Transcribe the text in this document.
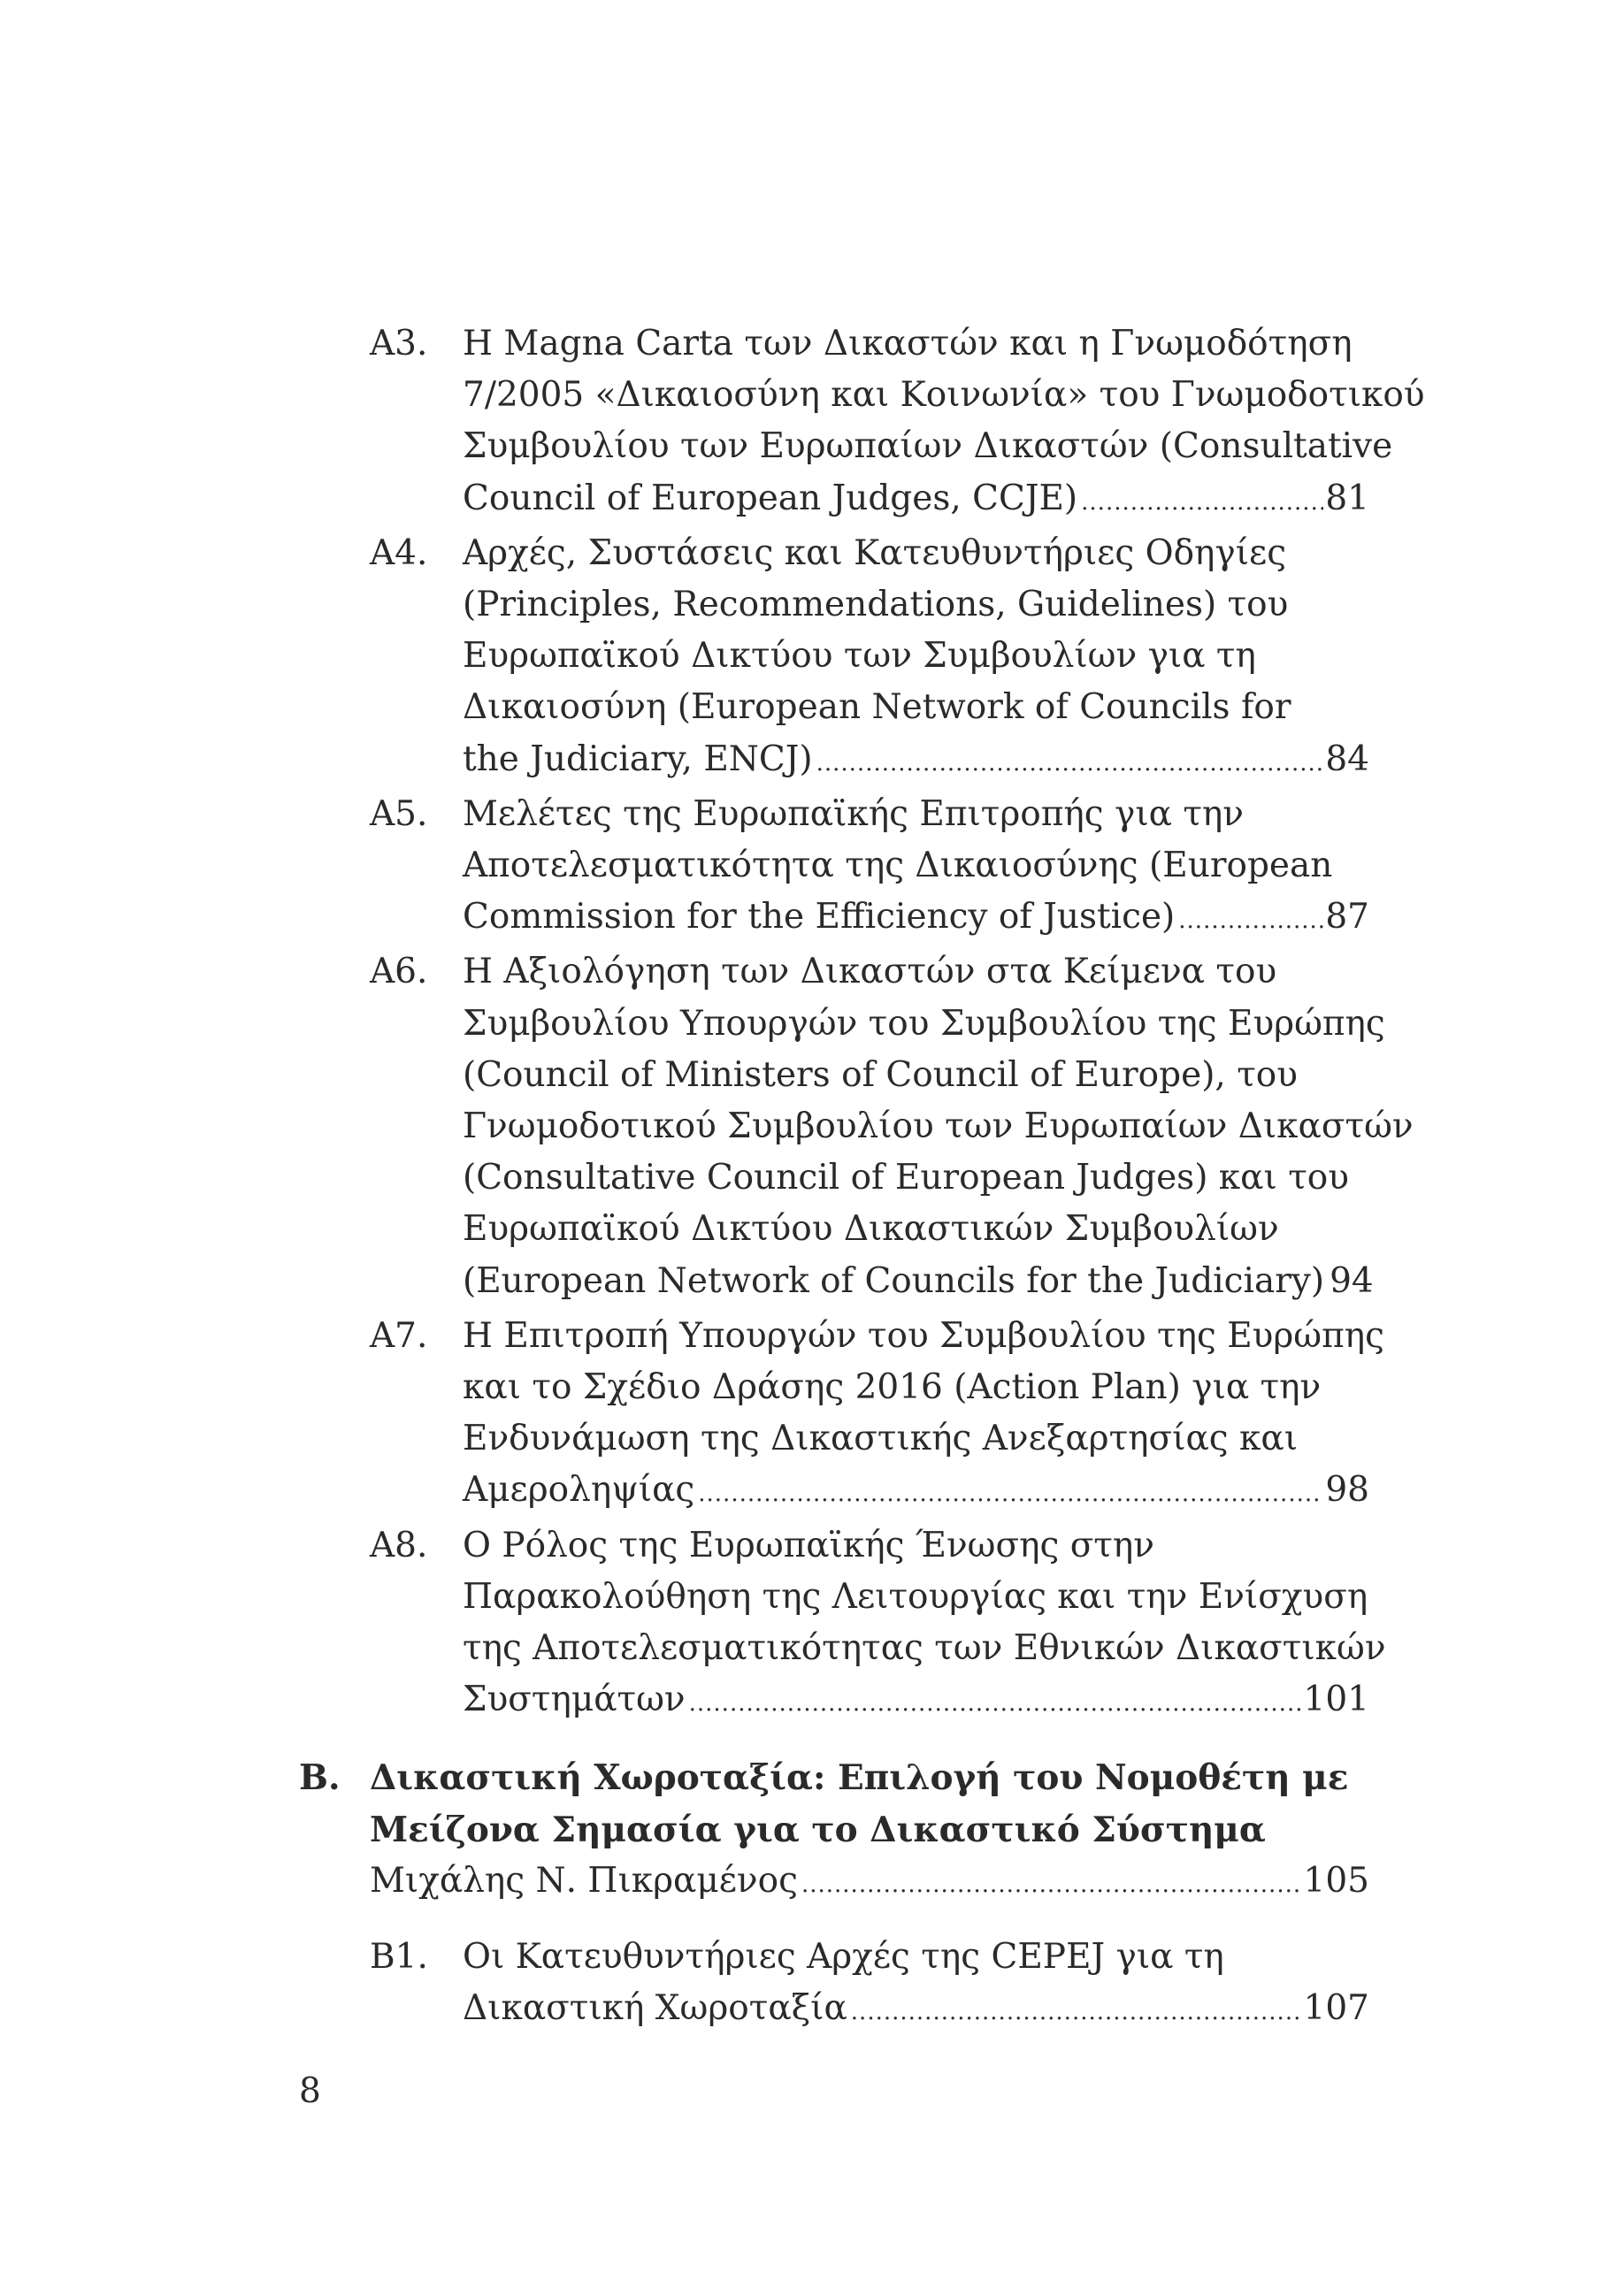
A3. Η Magna Carta των Δικαστών και η Γνωμοδότηση
7/2005 «Δικαιοσύνη και Κοινωνία» του Γνωμοδοτικού
Συμβουλίου των Ευρωπαίων Δικαστών (Consultative
Council of European Judges, CCJE) .....	81
A4. Αρχές, Συστάσεις και Κατευθυντήριες Οδηγίες
(Principles, Recommendations, Guidelines) του
Ευρωπαϊκού Δικτύου των Συμβουλίων για τη
Δικαιοσύνη (European Network of Councils for
the Judiciary, ENCJ) .....	84
A5. Μελέτες της Ευρωπαϊκής Επιτροπής για την
Αποτελεσματικότητα της Δικαιοσύνης (European
Commission for the Efficiency of Justice) .....	87
A6. Η Αξιολόγηση των Δικαστών στα Κείμενα του
Συμβουλίου Υπουργών του Συμβουλίου της Ευρώπης
(Council of Ministers of Council of Europe), του
Γνωμοδοτικού Συμβουλίου των Ευρωπαίων Δικαστών
(Consultative Council of European Judges) και του
Ευρωπαϊκού Δικτύου Δικαστικών Συμβουλίων
(European Network of Councils for the Judiciary) 94
A7. Η Επιτροπή Υπουργών του Συμβουλίου της Ευρώπης
και το Σχέδιο Δράσης 2016 (Action Plan) για την
Ενδυνάμωση της Δικαστικής Ανεξαρτησίας και
Αμεροληψίας .....	98
A8. Ο Ρόλος της Ευρωπαϊκής Ένωσης στην
Παρακολούθηση της Λειτουργίας και την Ενίσχυση
της Αποτελεσματικότητας των Εθνικών Δικαστικών
Συστημάτων .....	101
B. Δικαστική Χωροταξία: Επιλογή του Νομοθέτη με
Μείζονα Σημασία για το Δικαστικό Σύστημα
Μιχάλης Ν. Πικραμένος .....	105
B1. Οι Κατευθυντήριες Αρχές της CEPEJ για τη
Δικαστική Χωροταξία .....	107
8
